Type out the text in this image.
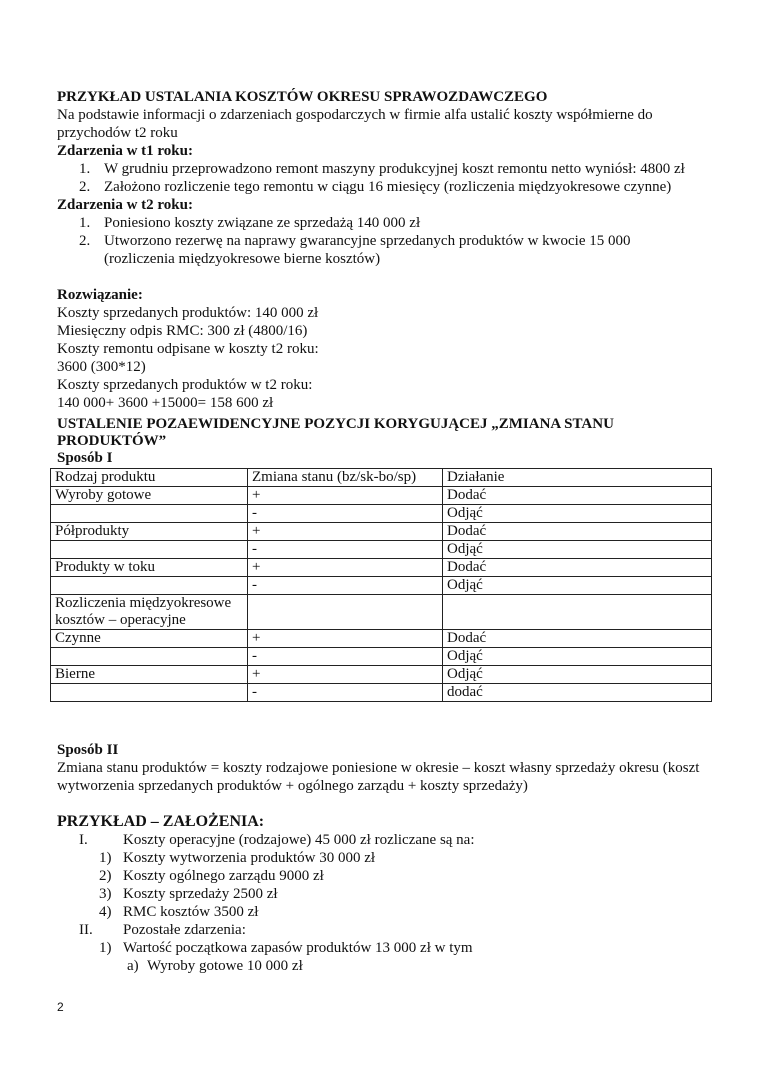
PRZYKŁAD USTALANIA KOSZTÓW OKRESU SPRAWOZDAWCZEGO
Na podstawie informacji o zdarzeniach gospodarczych w firmie alfa ustalić koszty współmierne do przychodów t2 roku
Zdarzenia w t1 roku:
1. W grudniu przeprowadzono remont maszyny produkcyjnej koszt remontu netto wyniósł: 4800 zł
2. Założono rozliczenie tego remontu w ciągu 16 miesięcy (rozliczenia międzyokresowe czynne)
Zdarzenia w t2 roku:
1. Poniesiono koszty związane ze sprzedażą 140 000 zł
2. Utworzono rezerwę na naprawy gwarancyjne sprzedanych produktów w kwocie 15 000 (rozliczenia międzyokresowe bierne kosztów)
Rozwiązanie:
Koszty sprzedanych produktów: 140 000 zł
Miesięczny odpis RMC: 300 zł (4800/16)
Koszty remontu odpisane w koszty t2 roku:
3600 (300*12)
Koszty sprzedanych produktów w t2 roku:
140 000+ 3600 +15000= 158 600 zł
USTALENIE POZAEWIDENCYJNE POZYCJI KORYGUJĄCEJ „ZMIANA STANU PRODUKTÓW”
Sposób I
Rodzaj produktu	Zmiana stanu (bz/sk-bo/sp)	Działanie
Wyroby gotowe	+	Dodać
	-	Odjąć
Półprodukty	+	Dodać
	-	Odjąć
Produkty w toku	+	Dodać
	-	Odjąć
Rozliczenia międzyokresowe kosztów – operacyjne		
Czynne	+	Dodać
	-	Odjąć
Bierne	+	Odjąć
	-	dodać
Sposób II
Zmiana stanu produktów = koszty rodzajowe poniesione w okresie – koszt własny sprzedaży okresu (koszt wytworzenia sprzedanych produktów + ogólnego zarządu + koszty sprzedaży)
PRZYKŁAD – ZAŁOŻENIA:
I. Koszty operacyjne (rodzajowe) 45 000 zł rozliczane są na:
1) Koszty wytworzenia produktów 30 000 zł
2) Koszty ogólnego zarządu 9000 zł
3) Koszty sprzedaży 2500 zł
4) RMC kosztów 3500 zł
II. Pozostałe zdarzenia:
1) Wartość początkowa zapasów produktów 13 000 zł w tym
a) Wyroby gotowe 10 000 zł
2
